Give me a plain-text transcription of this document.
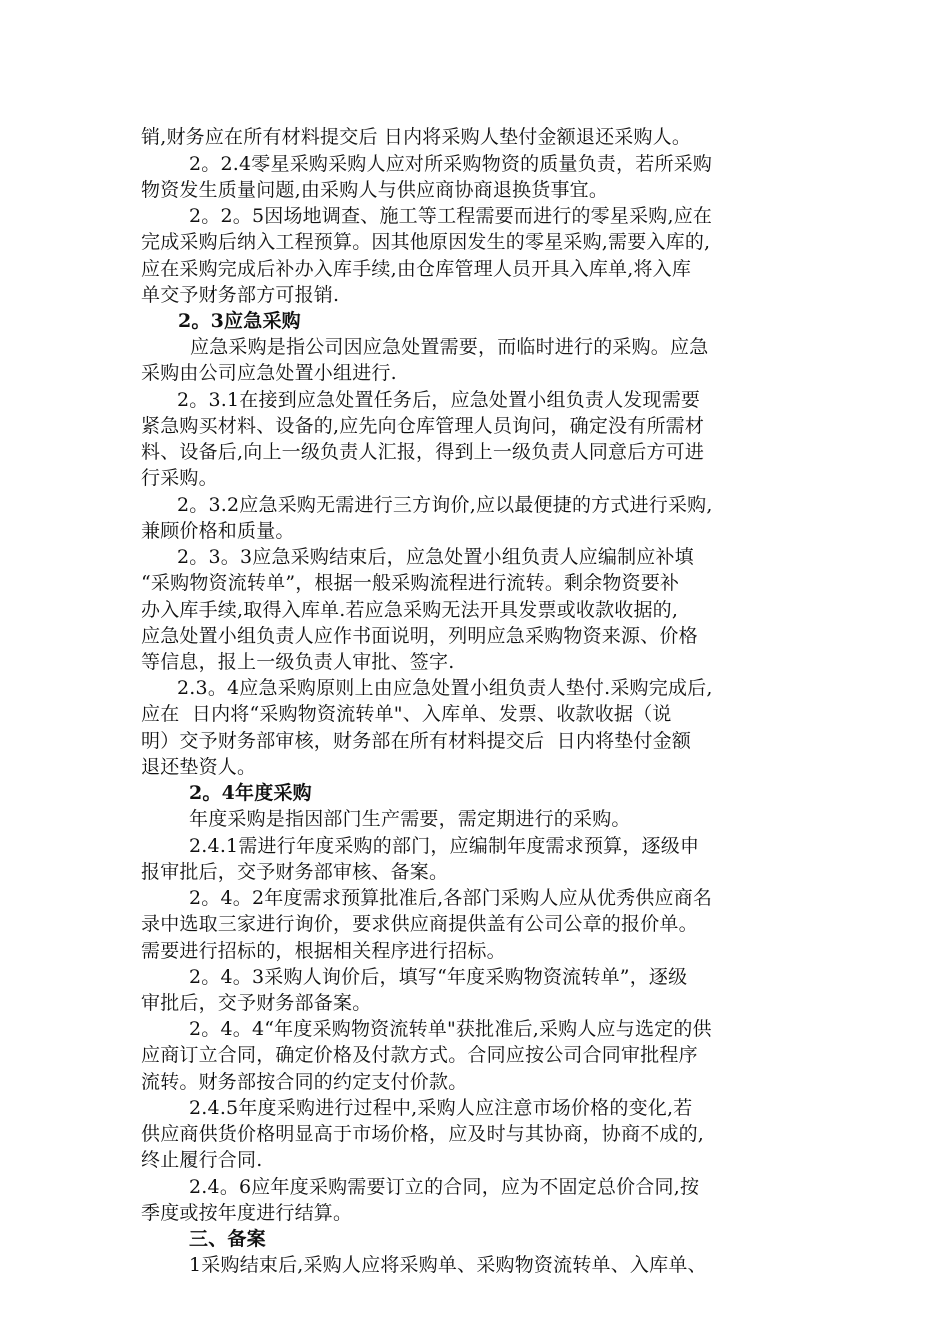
销,财务应在所有材料提交后 日内将采购人垫付金额退还采购人。
2。2.4零星采购采购人应对所采购物资的质量负责，若所采购
物资发生质量问题,由采购人与供应商协商退换货事宜。
2。2。5因场地调查、施工等工程需要而进行的零星采购,应在
完成采购后纳入工程预算。因其他原因发生的零星采购,需要入库的,
应在采购完成后补办入库手续,由仓库管理人员开具入库单,将入库
单交予财务部方可报销.
2。3应急采购
应急采购是指公司因应急处置需要，而临时进行的采购。应急
采购由公司应急处置小组进行.
2。3.1在接到应急处置任务后，应急处置小组负责人发现需要
紧急购买材料、设备的,应先向仓库管理人员询问，确定没有所需材
料、设备后,向上一级负责人汇报，得到上一级负责人同意后方可进
行采购。
2。3.2应急采购无需进行三方询价,应以最便捷的方式进行采购,
兼顾价格和质量。
2。3。3应急采购结束后，应急处置小组负责人应编制应补填
“采购物资流转单”，根据一般采购流程进行流转。剩余物资要补
办入库手续,取得入库单.若应急采购无法开具发票或收款收据的,
应急处置小组负责人应作书面说明，列明应急采购物资来源、价格
等信息，报上一级负责人审批、签字.
2.3。4应急采购原则上由应急处置小组负责人垫付.采购完成后,
应在  日内将“采购物资流转单"、入库单、发票、收款收据（说
明）交予财务部审核，财务部在所有材料提交后  日内将垫付金额
退还垫资人。
2。4年度采购
年度采购是指因部门生产需要，需定期进行的采购。
2.4.1需进行年度采购的部门，应编制年度需求预算，逐级申
报审批后，交予财务部审核、备案。
2。4。2年度需求预算批准后,各部门采购人应从优秀供应商名
录中选取三家进行询价，要求供应商提供盖有公司公章的报价单。
需要进行招标的，根据相关程序进行招标。
2。4。3采购人询价后，填写“年度采购物资流转单”，逐级
审批后，交予财务部备案。
2。4。4“年度采购物资流转单"获批准后,采购人应与选定的供
应商订立合同，确定价格及付款方式。合同应按公司合同审批程序
流转。财务部按合同的约定支付价款。
2.4.5年度采购进行过程中,采购人应注意市场价格的变化,若
供应商供货价格明显高于市场价格，应及时与其协商，协商不成的,
终止履行合同.
2.4。6应年度采购需要订立的合同，应为不固定总价合同,按
季度或按年度进行结算。
三、备案
1采购结束后,采购人应将采购单、采购物资流转单、入库单、
